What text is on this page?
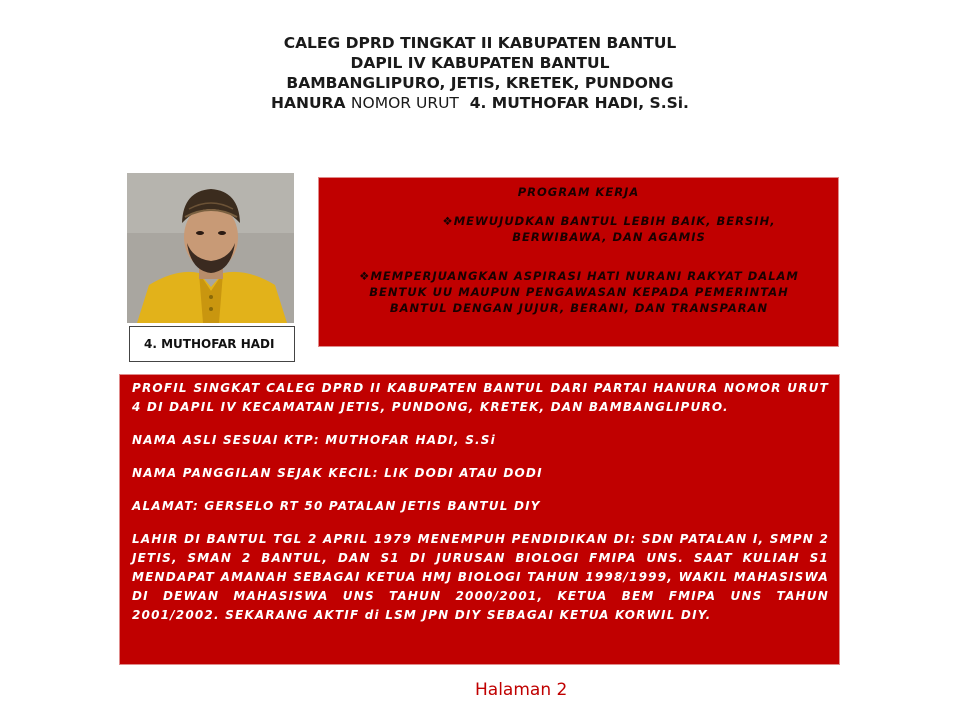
CALEG DPRD TINGKAT II KABUPATEN BANTUL
DAPIL IV KABUPATEN BANTUL
BAMBANGLIPURO, JETIS, KRETEK, PUNDONG
HANURA NOMOR URUT 4. MUTHOFAR HADI, S.Si.
4. MUTHOFAR HADI
PROGRAM KERJA
❖MEWUJUDKAN BANTUL LEBIH BAIK, BERSIH, BERWIBAWA, DAN AGAMIS
❖MEMPERJUANGKAN ASPIRASI HATI NURANI RAKYAT DALAM BENTUK UU MAUPUN PENGAWASAN KEPADA PEMERINTAH BANTUL DENGAN JUJUR, BERANI, DAN TRANSPARAN

PROFIL SINGKAT CALEG DPRD II KABUPATEN BANTUL DARI PARTAI HANURA NOMOR URUT 4 DI DAPIL IV KECAMATAN JETIS, PUNDONG, KRETEK, DAN BAMBANGLIPURO.

NAMA ASLI SESUAI KTP: MUTHOFAR HADI, S.Si

NAMA PANGGILAN SEJAK KECIL: LIK DODI ATAU DODI

ALAMAT: GERSELO RT 50 PATALAN JETIS BANTUL DIY

LAHIR DI BANTUL TGL 2 APRIL 1979 MENEMPUH PENDIDIKAN DI: SDN PATALAN I, SMPN 2 JETIS, SMAN 2 BANTUL, DAN S1 DI JURUSAN BIOLOGI FMIPA UNS. SAAT KULIAH S1 MENDAPAT AMANAH SEBAGAI KETUA HMJ BIOLOGI TAHUN 1998/1999, WAKIL MAHASISWA DI DEWAN MAHASISWA UNS TAHUN 2000/2001, KETUA BEM FMIPA UNS TAHUN 2001/2002. SEKARANG AKTIF di LSM JPN DIY SEBAGAI KETUA KORWIL DIY.

Halaman 2
